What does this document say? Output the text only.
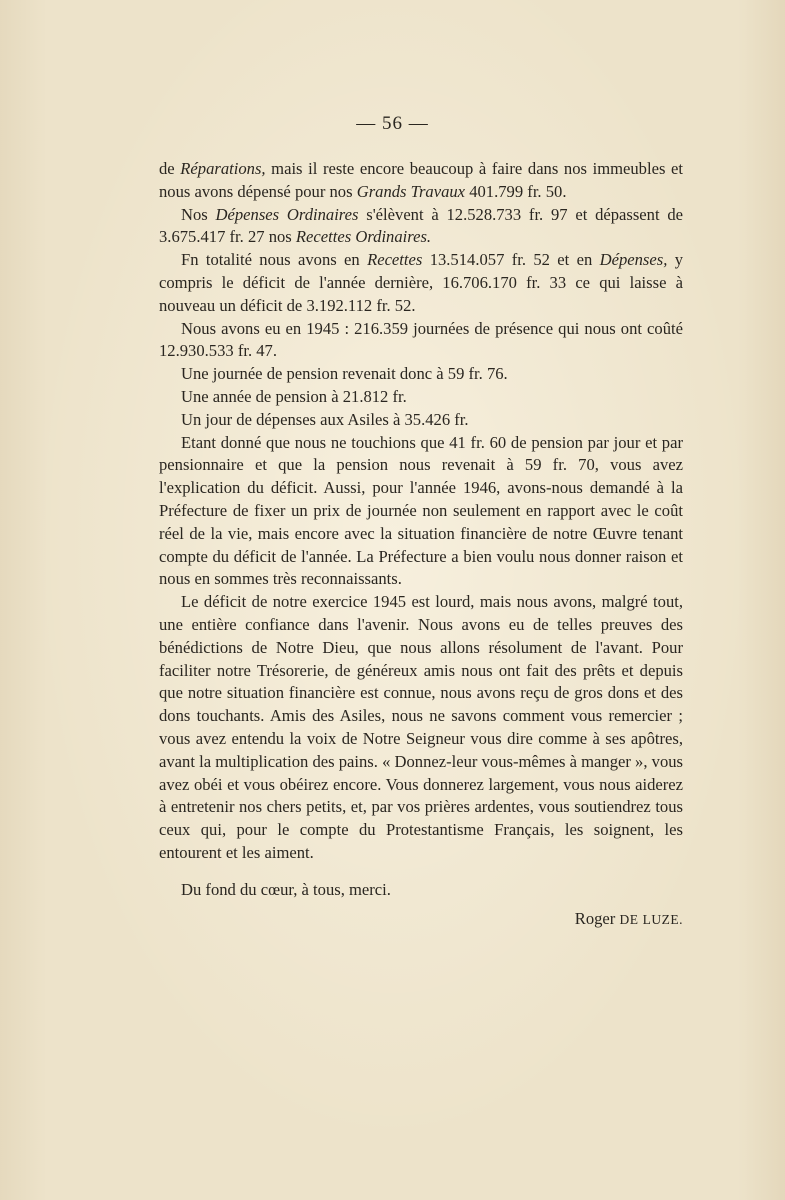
— 56 —

de Réparations, mais il reste encore beaucoup à faire dans nos immeubles et nous avons dépensé pour nos Grands Travaux 401.799 fr. 50.

Nos Dépenses Ordinaires s'élèvent à 12.528.733 fr. 97 et dépassent de 3.675.417 fr. 27 nos Recettes Ordinaires.

Fn totalité nous avons en Recettes 13.514.057 fr. 52 et en Dépenses, y compris le déficit de l'année dernière, 16.706.170 fr. 33 ce qui laisse à nouveau un déficit de 3.192.112 fr. 52.

Nous avons eu en 1945 : 216.359 journées de présence qui nous ont coûté 12.930.533 fr. 47.

Une journée de pension revenait donc à 59 fr. 76.

Une année de pension à 21.812 fr.

Un jour de dépenses aux Asiles à 35.426 fr.

Etant donné que nous ne touchions que 41 fr. 60 de pension par jour et par pensionnaire et que la pension nous revenait à 59 fr. 70, vous avez l'explication du déficit. Aussi, pour l'année 1946, avons-nous demandé à la Préfecture de fixer un prix de journée non seulement en rapport avec le coût réel de la vie, mais encore avec la situation financière de notre Œuvre tenant compte du déficit de l'année. La Préfecture a bien voulu nous donner raison et nous en sommes très reconnaissants.

Le déficit de notre exercice 1945 est lourd, mais nous avons, malgré tout, une entière confiance dans l'avenir. Nous avons eu de telles preuves des bénédictions de Notre Dieu, que nous allons résolument de l'avant. Pour faciliter notre Trésorerie, de généreux amis nous ont fait des prêts et depuis que notre situation financière est connue, nous avons reçu de gros dons et des dons touchants. Amis des Asiles, nous ne savons comment vous remercier ; vous avez entendu la voix de Notre Seigneur vous dire comme à ses apôtres, avant la multiplication des pains. « Donnez-leur vous-mêmes à manger », vous avez obéi et vous obéirez encore. Vous donnerez largement, vous nous aiderez à entretenir nos chers petits, et, par vos prières ardentes, vous soutiendrez tous ceux qui, pour le compte du Protestantisme Français, les soignent, les entourent et les aiment.

Du fond du cœur, à tous, merci.

Roger DE LUZE.
